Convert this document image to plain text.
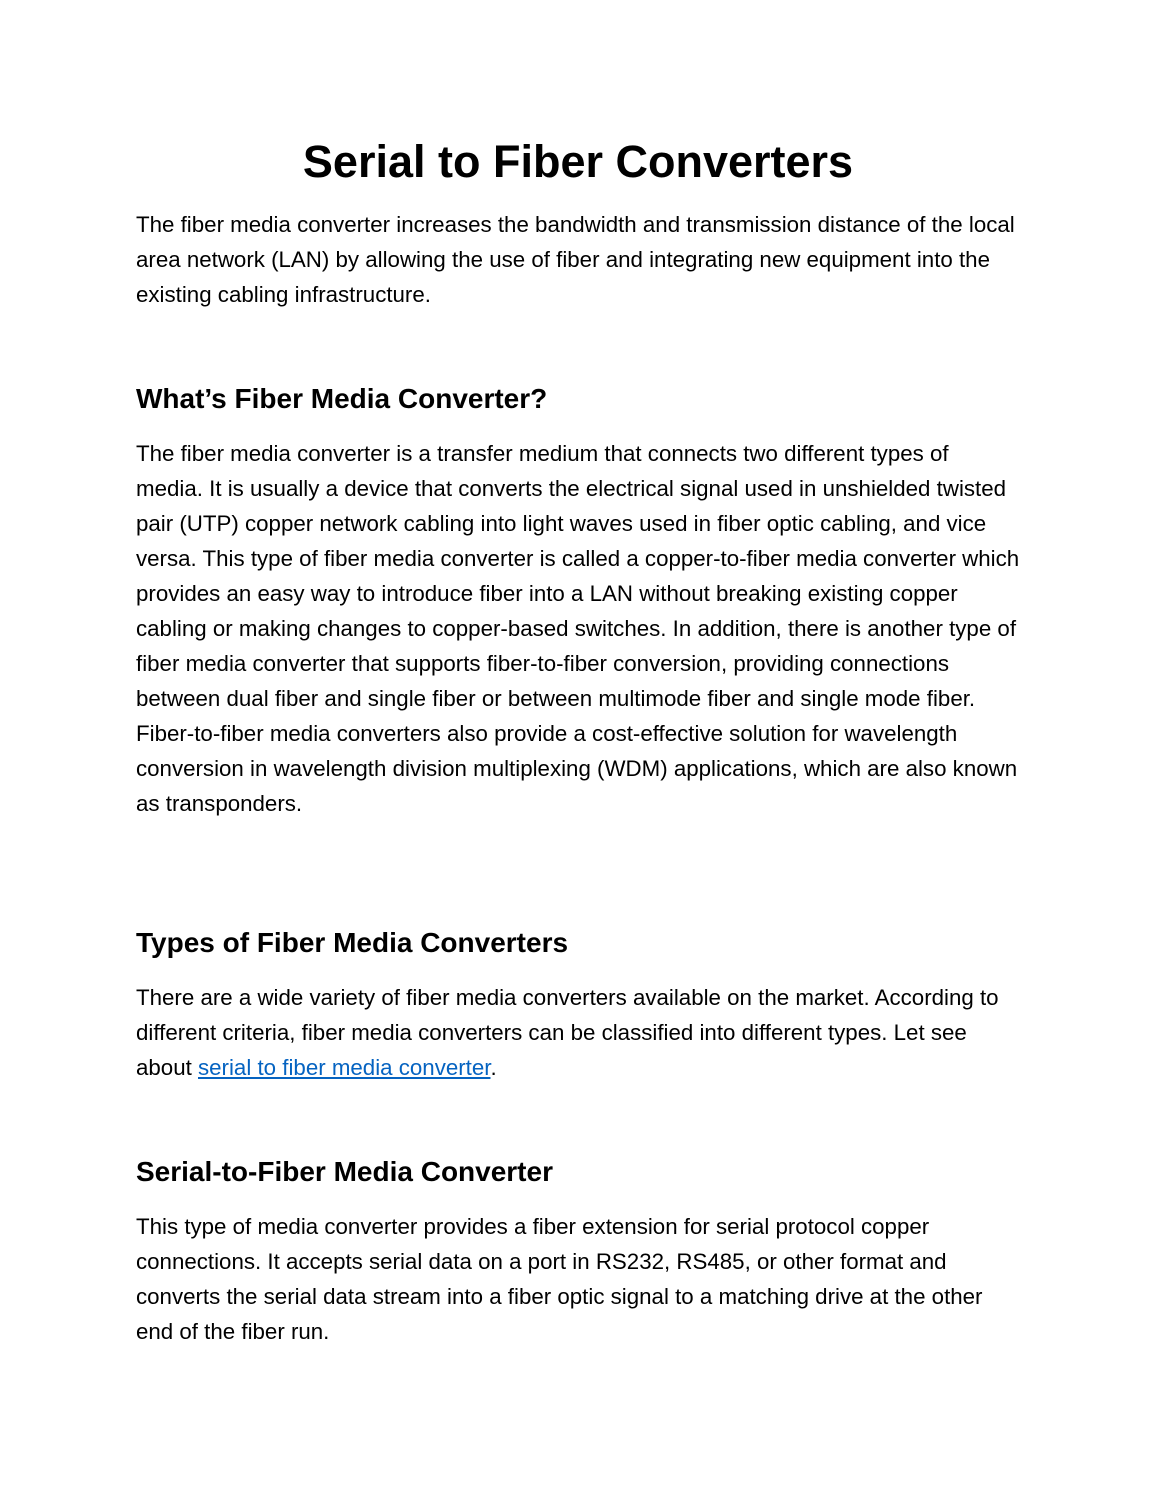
Serial to Fiber Converters

The fiber media converter increases the bandwidth and transmission distance of the local area network (LAN) by allowing the use of fiber and integrating new equipment into the existing cabling infrastructure.

What’s Fiber Media Converter?

The fiber media converter is a transfer medium that connects two different types of media. It is usually a device that converts the electrical signal used in unshielded twisted pair (UTP) copper network cabling into light waves used in fiber optic cabling, and vice versa. This type of fiber media converter is called a copper-to-fiber media converter which provides an easy way to introduce fiber into a LAN without breaking existing copper cabling or making changes to copper-based switches. In addition, there is another type of fiber media converter that supports fiber-to-fiber conversion, providing connections between dual fiber and single fiber or between multimode fiber and single mode fiber. Fiber-to-fiber media converters also provide a cost-effective solution for wavelength conversion in wavelength division multiplexing (WDM) applications, which are also known as transponders.

Types of Fiber Media Converters

There are a wide variety of fiber media converters available on the market. According to different criteria, fiber media converters can be classified into different types. Let see about serial to fiber media converter.

Serial-to-Fiber Media Converter

This type of media converter provides a fiber extension for serial protocol copper connections. It accepts serial data on a port in RS232, RS485, or other format and converts the serial data stream into a fiber optic signal to a matching drive at the other end of the fiber run.
